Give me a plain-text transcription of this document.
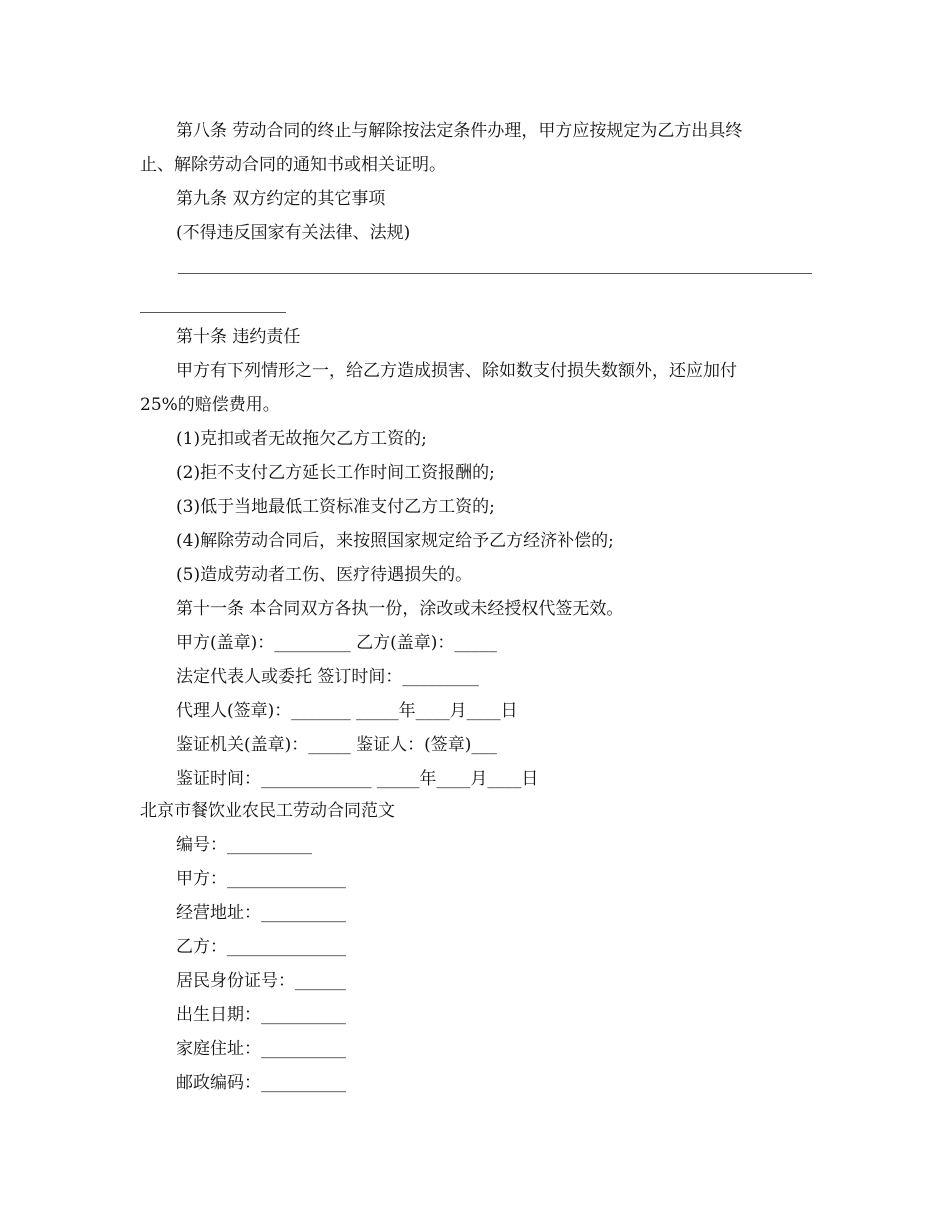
第八条 劳动合同的终止与解除按法定条件办理，甲方应按规定为乙方出具终
止、解除劳动合同的通知书或相关证明。
第九条 双方约定的其它事项
(不得违反国家有关法律、法规)
第十条 违约责任
甲方有下列情形之一，给乙方造成损害、除如数支付损失数额外，还应加付
25%的赔偿费用。
(1)克扣或者无故拖欠乙方工资的;
(2)拒不支付乙方延长工作时间工资报酬的;
(3)低于当地最低工资标准支付乙方工资的;
(4)解除劳动合同后，来按照国家规定给予乙方经济补偿的;
(5)造成劳动者工伤、医疗待遇损失的。
第十一条 本合同双方各执一份，涂改或未经授权代签无效。
甲方(盖章)：_________ 乙方(盖章)：_____
法定代表人或委托 签订时间：_________
代理人(签章)：_______ _____年____月____日
鉴证机关(盖章)：_____ 鉴证人：(签章)___
鉴证时间：_____________ _____年____月____日
北京市餐饮业农民工劳动合同范文
编号：__________
甲方：______________
经营地址：__________
乙方：______________
居民身份证号：______
出生日期：__________
家庭住址：__________
邮政编码：__________
